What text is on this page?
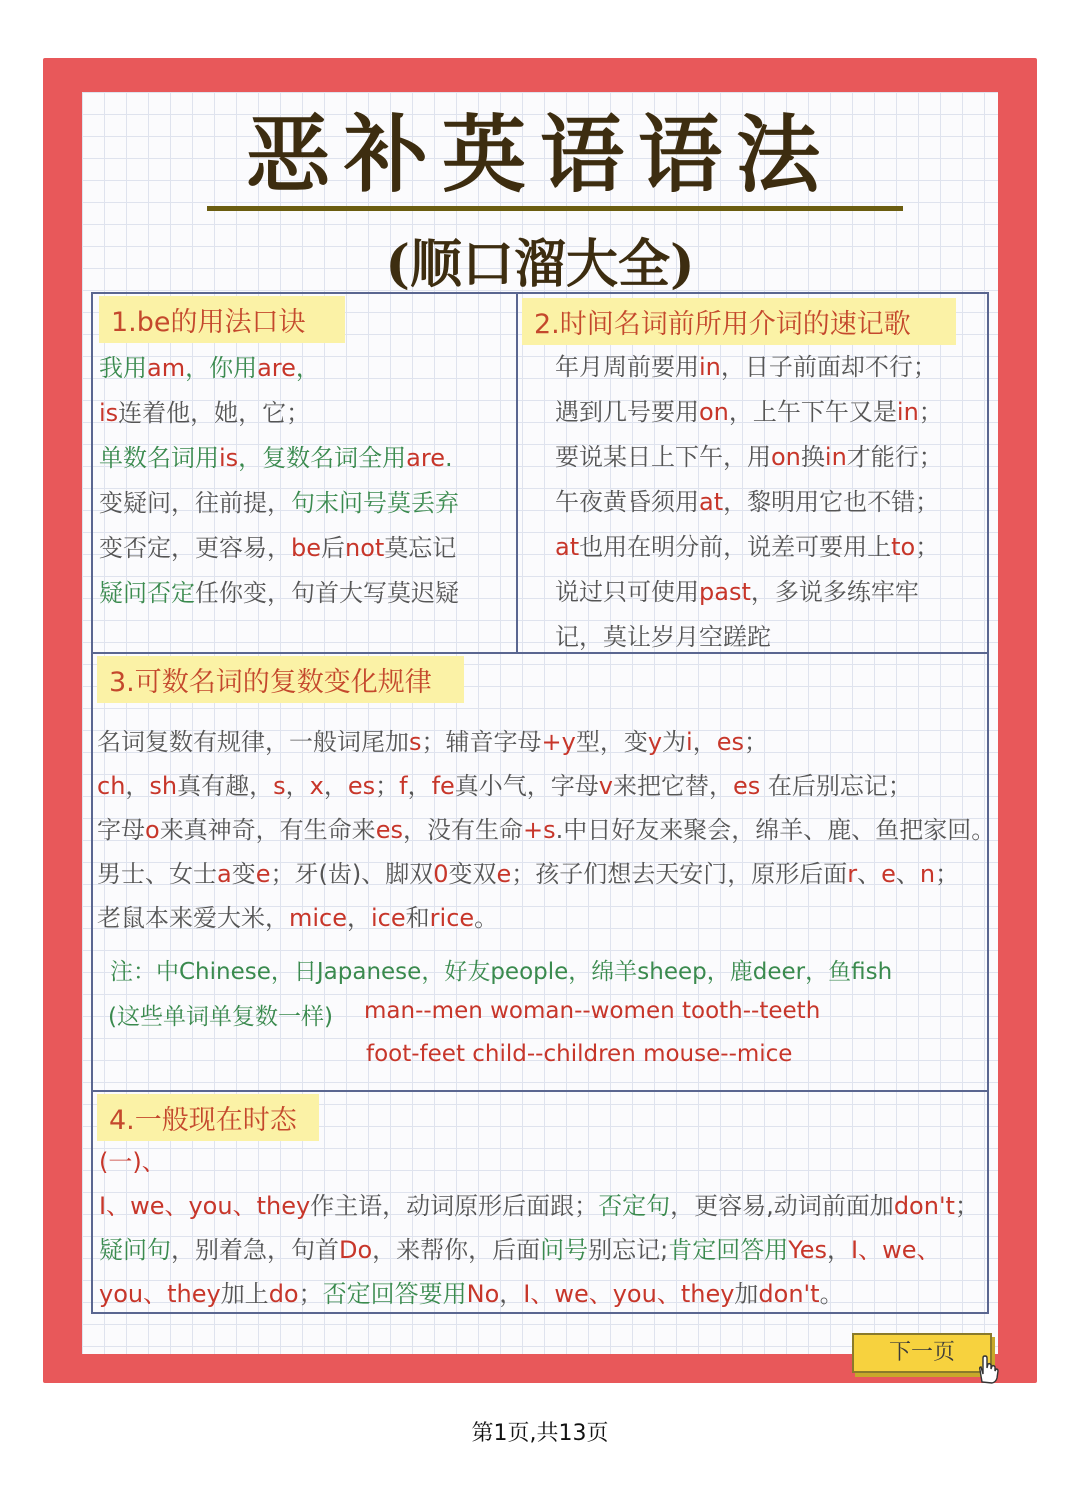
恶补英语语法
(顺口溜大全)
1.be的用法口诀	2.时间名词前所用介词的速记歌
3.可数名词的复数变化规律
注：中Chinese，日Japanese，好友people，绵羊sheep，鹿deer，鱼fish
(这些单词单复数一样) man--men woman--women tooth--teeth
foot-feet child--children mouse--mice
4.一般现在时态
下一页
第1页,共13页
我用am，你用are，
is连着他，她，它；
单数名词用is，复数名词全用are.
变疑问，往前提，句末问号莫丢弃
变否定，更容易，be后not莫忘记
疑问否定任你变，句首大写莫迟疑
年月周前要用in，日子前面却不行；
遇到几号要用on，上午下午又是in；
要说某日上下午，用on换in才能行；
午夜黄昏须用at，黎明用它也不错；
at也用在明分前，说差可要用上to；
说过只可使用past，多说多练牢牢
记，莫让岁月空蹉跎
名词复数有规律，一般词尾加s；辅音字母+y型，变y为i，es；
ch，sh真有趣，s，x，es；f，fe真小气，字母v来把它替，es 在后别忘记；
字母o来真神奇，有生命来es，没有生命+s.中日好友来聚会，绵羊、鹿、鱼把家回。
男士、女士a变e；牙(齿)、脚双0变双e；孩子们想去天安门，原形后面r、e、n；
老鼠本来爱大米，mice，ice和rice。
(一)、
I、we、you、they作主语，动词原形后面跟；否定句，更容易,动词前面加don't；
疑问句，别着急，句首Do，来帮你，后面问号别忘记;肯定回答用Yes，I、we、
you、they加上do；否定回答要用No，I、we、you、they加don't。
